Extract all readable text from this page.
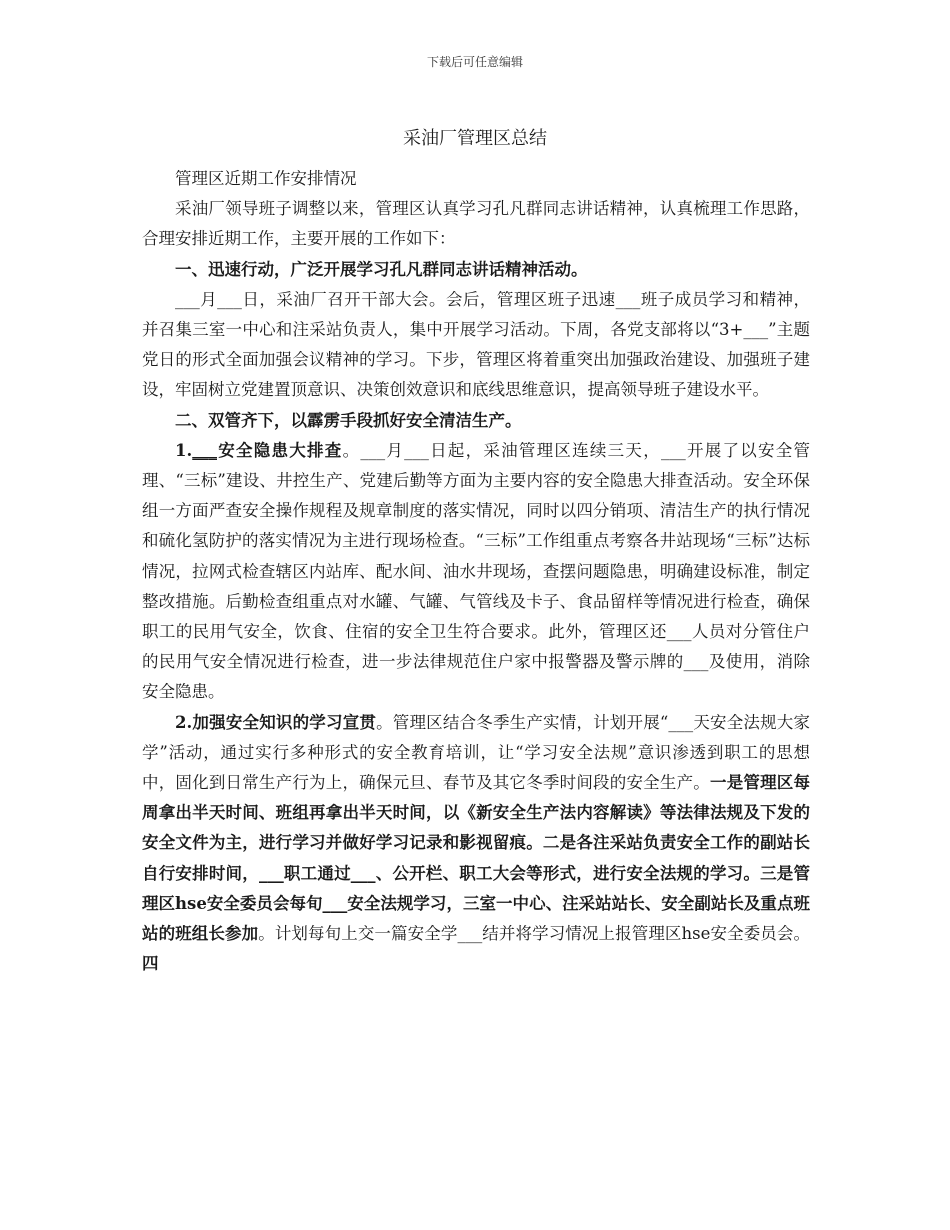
下载后可任意编辑
采油厂管理区总结

管理区近期工作安排情况

采油厂领导班子调整以来，管理区认真学习孔凡群同志讲话精神，认真梳理工作思路，合理安排近期工作，主要开展的工作如下：

一、迅速行动，广泛开展学习孔凡群同志讲话精神活动。

___月___日，采油厂召开干部大会。会后，管理区班子迅速___班子成员学习和精神，并召集三室一中心和注采站负责人，集中开展学习活动。下周，各党支部将以“3+___”主题党日的形式全面加强会议精神的学习。下步，管理区将着重突出加强政治建设、加强班子建设，牢固树立党建置顶意识、决策创效意识和底线思维意识，提高领导班子建设水平。

二、双管齐下，以霹雳手段抓好安全清洁生产。

1.___安全隐患大排查。___月___日起，采油管理区连续三天，___开展了以安全管理、“三标”建设、井控生产、党建后勤等方面为主要内容的安全隐患大排查活动。安全环保组一方面严查安全操作规程及规章制度的落实情况，同时以四分销项、清洁生产的执行情况和硫化氢防护的落实情况为主进行现场检查。“三标”工作组重点考察各井站现场“三标”达标情况，拉网式检查辖区内站库、配水间、油水井现场，查摆问题隐患，明确建设标准，制定整改措施。后勤检查组重点对水罐、气罐、气管线及卡子、食品留样等情况进行检查，确保职工的民用气安全，饮食、住宿的安全卫生符合要求。此外，管理区还___人员对分管住户的民用气安全情况进行检查，进一步法律规范住户家中报警器及警示牌的___及使用，消除安全隐患。

2.加强安全知识的学习宣贯。管理区结合冬季生产实情，计划开展“___天安全法规大家学”活动，通过实行多种形式的安全教育培训，让“学习安全法规”意识渗透到职工的思想中，固化到日常生产行为上，确保元旦、春节及其它冬季时间段的安全生产。一是管理区每周拿出半天时间、班组再拿出半天时间，以《新安全生产法内容解读》等法律法规及下发的安全文件为主，进行学习并做好学习记录和影视留痕。二是各注采站负责安全工作的副站长自行安排时间，___职工通过___、公开栏、职工大会等形式，进行安全法规的学习。三是管理区hse安全委员会每旬___安全法规学习，三室一中心、注采站站长、安全副站长及重点班站的班组长参加。计划每旬上交一篇安全学___结并将学习情况上报管理区hse安全委员会。四
